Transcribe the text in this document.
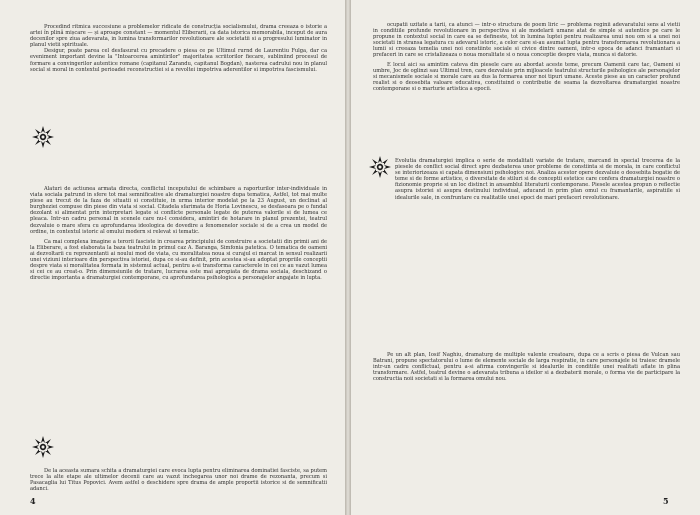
Procedind ritmica succesiune a problemelor ridicate de construcția socialismului, drama creeaza o istorie a artei în plină mișcare — și aproape constant — momentul Eliberarii, ca data istorica memorabila, inceput de aura decenilor spre ziua adevarata, in lumina transformarilor revolutionare ale societatii si a progresului luminator in planul vietii spirituale.

Desigur, poate parea cel desfasurat cu precadere o piesa ce pe Ultimul rurnd de Laurentiu Fulga, dar ca eveniment important devine la "Intoarcerea amintirilor" majoritatea scriitorilor fiecare, subliniind procesul de formare a convingerilor autentice romane (capitanul Zarandu, capitanul Bogdan), nasterea cadrului nou in planul social si moral in contextul perioadei reconstructiei si a revoltei impotriva aderentilor si impotriva fascismului.

Alaturi de actiunea armata directa, conflictul inceputului de schimbare a raporturilor inter-individuale in viata sociala patrund in sfere tot mai semnificative ale dramaturgiei noastre dupa tematica, Astfel, tot mai multe piese au trecut de la faza de situatii si constituie, in urma interior modelat pe la 23 August, un declinat al burgheziei compuse din piese din viata si social. Citadela sfarimata de Horia Lovinescu, se desfasoara pe o fundal dezolant si alimentat prin interpretari legate si conflicte personale legate de puterea valorile si de lumea ce pleaca. Intr-un cadru personal in scenele care nu-l considera, amintiri de hotarare in planul prezentei, teatrul dezvaluie o mare sfera cu aprofundarea ideologica de dovedire a fenomenelor sociale si de a crea un model de ordine, in contextul istoric al omului modern si relevat si tematic.

Ca mai complexa imagine a terorii fasciste in crearea principiului de construire a societatii din primii ani de la Eliberare, a fost elaborata la baza teatrului in primul caz A. Baranga, Simfonia patetica. O tematica de oameni ai dezvoltarii cu reprezentanti ai noului mod de viata, cu moralitatea noua si curajul ei marcat in sensul realizarii unei viziuni interioare din perspectiva istoriei, dupa ce si-au definit, prin acestea si-au adoptat propriile conceptii despre viata si moralitatea formata in sistemul actual, pentru a-si transforma caracterele in cei ce au vazut lumea si cei ce au creat-o. Prin dimensiunile de tratare, lucrarea este mai apropiata de drama sociala, deschizand o directie importanta a dramaturgiei contemporane, cu aprofundarea psihologica a personajelor angajate in lupta.

De la aceasta sumara schita a dramaturgiei care evoca lupta pentru eliminarea dominatiei fasciste, sa putem trece la alte etape ale ultimelor decenii care au vazut inchegarea unor noi drame de rezonanta, precum si Pasacaglia lui Titus Popovici. Avem astfel o deschidere spre drama de ample proportii istorice si de semnificatii adanci.

4

ocupatii uzitate a tarii, ca atunci — intr-o structura de poem liric — problema reginii adevaratului sens al vietii in conditiile profunde revolutionare in perspectiva si ale modelarii umane atat de simple si autentice pe care le propune in contextul social in care ea se defineste, tot in lumina luptei pentru realizarea unui nou om si a unei noi societati in stransa legatura cu adevarul istoric, a celor care si-au asumat lupta pentru transformarea revolutionara a lumii si creeaza temelia unei noi constiinte sociale si civice dintre oameni, intr-o epoca de adanci framantari si prefaceri in care se cristalizeaza o noua moralitate si o noua conceptie despre viata, munca si datorie.

E locul aici sa amintim cateva din piesele care au abordat aceste teme, precum Oamenii care tac, Oameni si umbre, Joc de oglinzi sau Ultimul tren, care dezvaluie prin mijloacele teatrului structurile psihologice ale personajelor si mecanismele sociale si morale care au dus la formarea unor noi tipuri umane. Aceste piese au un caracter profund realist si o deosebita valoare educativa, constituind o contributie de seama la dezvoltarea dramaturgiei noastre contemporane si o marturie artistica a epocii.

Evolutia dramaturgiei implica o serie de modalitati variate de tratare, marcand in special trecerea de la piesele de conflict social direct spre dezbaterea unor probleme de constiinta si de morala, in care conflictul se interiorizeaza si capata dimensiuni psihologice noi. Analiza acestor opere dezvaluie o deosebita bogatie de teme si de forme artistice, o diversitate de stiluri si de conceptii estetice care confera dramaturgiei noastre o fizionomie proprie si un loc distinct in ansamblul literaturii contemporane. Piesele acestea propun o reflectie asupra istoriei si asupra destinului individual, aducand in prim plan omul cu framantarile, aspiratiile si idealurile sale, in confruntare cu realitatile unei epoci de mari prefaceri revolutionare.

Pe un alt plan, Iosif Naghiu, dramaturg de multiple valente creatoare, dupa ce a scris o piesa de Vulcan sau Batrani, propune spectatorului o lume de elemente sociale de larga respiratie, in care personajele isi traiesc dramele intr-un cadru conflictual, pentru a-si afirma convingerile si idealurile in conditiile unei realitati aflate in plina transformare. Astfel, teatrul devine o adevarata tribuna a ideilor si a dezbaterii morale, o forma vie de participare la constructia noii societati si la formarea omului nou.

5
